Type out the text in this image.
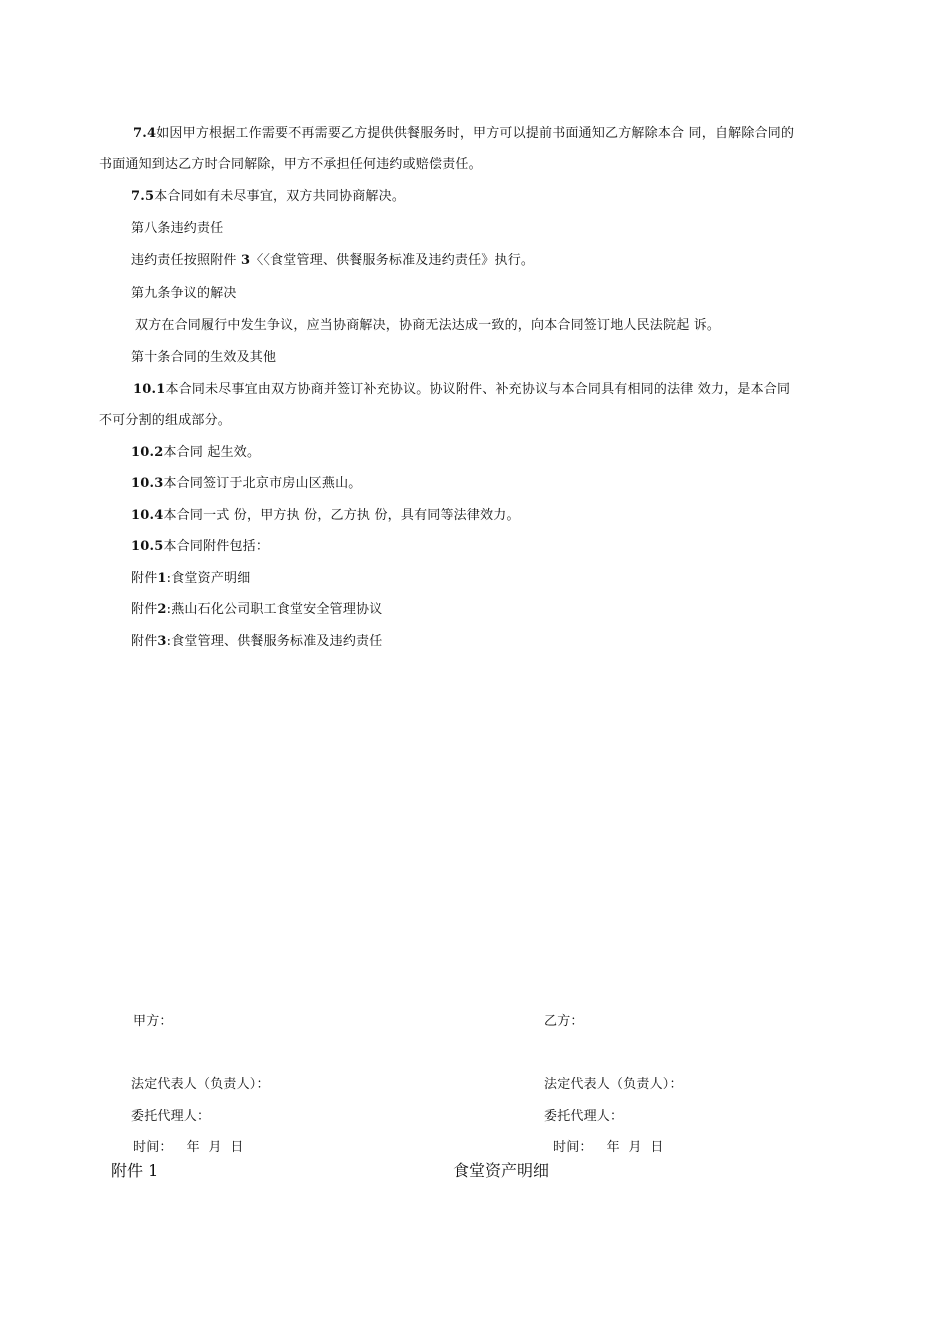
7.4如因甲方根据工作需要不再需要乙方提供供餐服务时，甲方可以提前书面通知乙方解除本合 同，自解除合同的
书面通知到达乙方时合同解除，甲方不承担任何违约或赔偿责任。
7.5本合同如有未尽事宜，双方共同协商解决。
第八条违约责任
违约责任按照附件 3〈〈食堂管理、供餐服务标准及违约责任》执行。
第九条争议的解决
双方在合同履行中发生争议，应当协商解决，协商无法达成一致的，向本合同签订地人民法院起 诉。
第十条合同的生效及其他
10.1本合同未尽事宜由双方协商并签订补充协议。协议附件、补充协议与本合同具有相同的法律 效力，是本合同
不可分割的组成部分。
10.2本合同 起生效。
10.3本合同签订于北京市房山区燕山。
10.4本合同一式 份，甲方执 份，乙方执 份，具有同等法律效力。
10.5本合同附件包括：
附件1:食堂资产明细
附件2:燕山石化公司职工食堂安全管理协议
附件3:食堂管理、供餐服务标准及违约责任
甲方：
法定代表人（负责人）：
委托代理人：
时间： 年  月  日
乙方：
法定代表人（负责人）：
委托代理人：
时间： 年  月  日
附件 1	食堂资产明细
